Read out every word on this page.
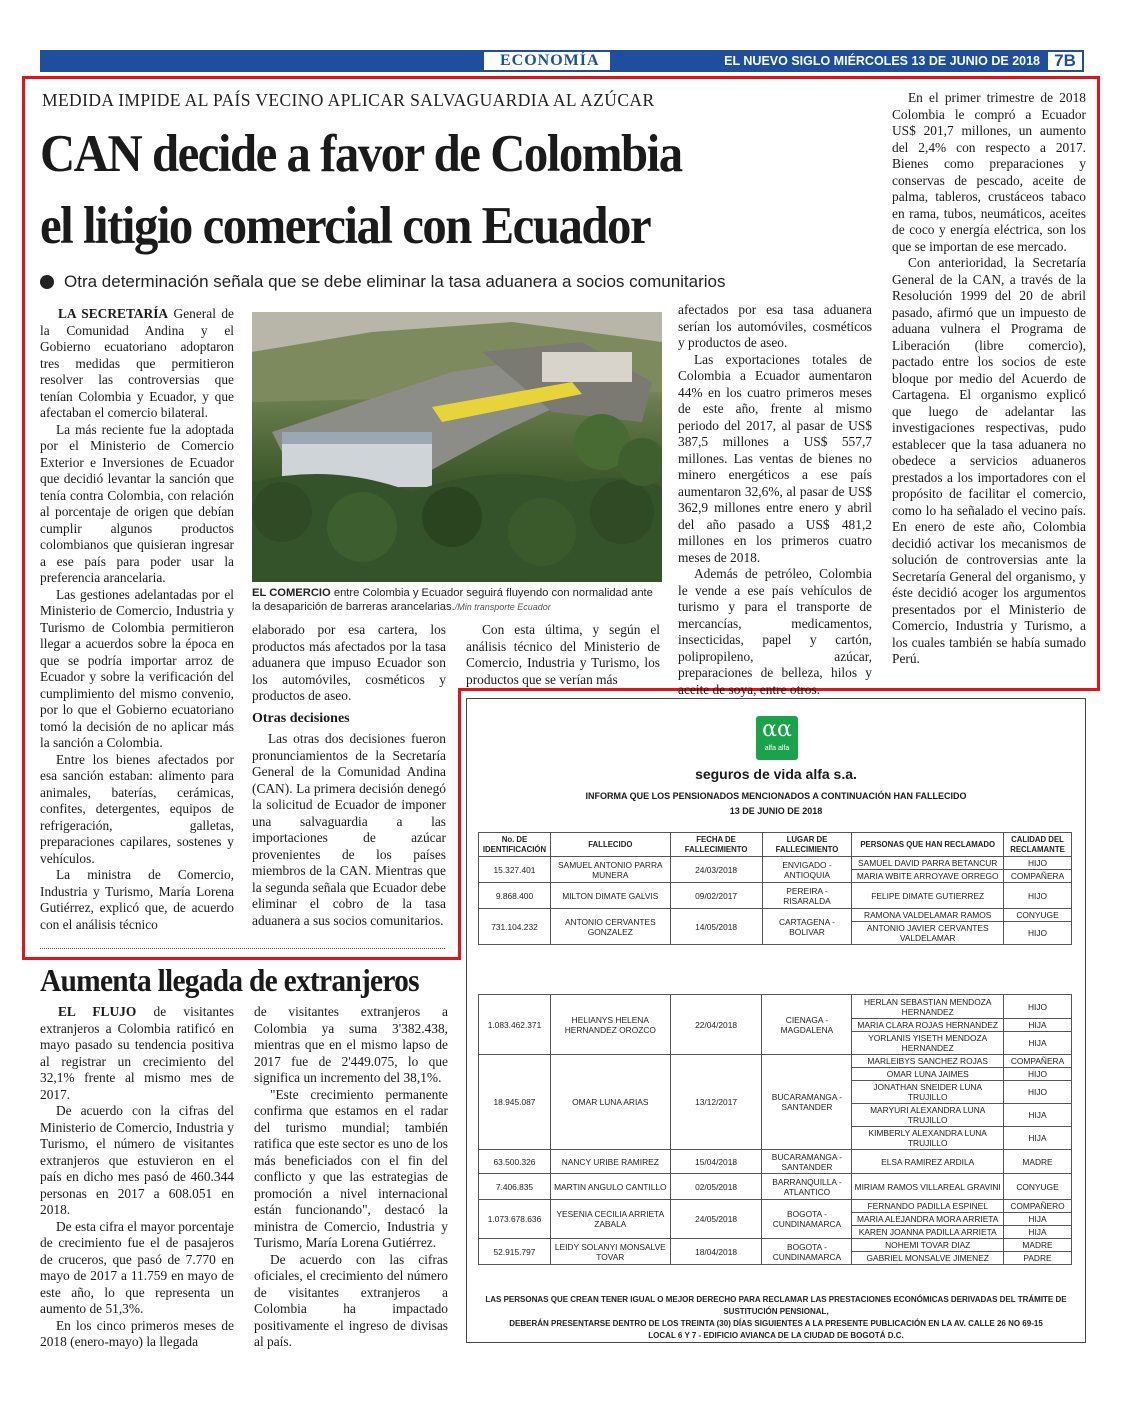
ECONOMÍA	EL NUEVO SIGLO MIÉRCOLES 13 DE JUNIO DE 2018 7B
MEDIDA IMPIDE AL PAÍS VECINO APLICAR SALVAGUARDIA AL AZÚCAR
CAN decide a favor de Colombia
el litigio comercial con Ecuador
Otra determinación señala que se debe eliminar la tasa aduanera a socios comunitarios

LA SECRETARÍA General de la Comunidad Andina y el Gobierno ecuatoriano adoptaron tres medidas que permitieron resolver las controversias que tenían Colombia y Ecuador, y que afectaban el comercio bilateral.

La más reciente fue la adoptada por el Ministerio de Comercio Exterior e Inversiones de Ecuador que decidió levantar la sanción que tenía contra Colombia, con relación al porcentaje de origen que debían cumplir algunos productos colombianos que quisieran ingresar a ese país para poder usar la preferencia arancelaria.

Las gestiones adelantadas por el Ministerio de Comercio, Industria y Turismo de Colombia permitieron llegar a acuerdos sobre la época en que se podría importar arroz de Ecuador y sobre la verificación del cumplimiento del mismo convenio, por lo que el Gobierno ecuatoriano tomó la decisión de no aplicar más la sanción a Colombia.

Entre los bienes afectados por esa sanción estaban: alimento para animales, baterías, cerámicas, confites, detergentes, equipos de refrigeración, galletas, preparaciones capilares, sostenes y vehículos.

La ministra de Comercio, Industria y Turismo, María Lorena Gutiérrez, explicó que, de acuerdo con el análisis técnico

EL COMERCIO entre Colombia y Ecuador seguirá fluyendo con normalidad ante la desaparición de barreras arancelarias./Min transporte Ecuador

elaborado por esa cartera, los productos más afectados por la tasa aduanera que impuso Ecuador son los automóviles, cosméticos y productos de aseo.

Otras decisiones

Las otras dos decisiones fueron pronunciamientos de la Secretaría General de la Comunidad Andina (CAN). La primera decisión denegó la solicitud de Ecuador de imponer una salvaguardia a las importaciones de azúcar provenientes de los países miembros de la CAN. Mientras que la segunda señala que Ecuador debe eliminar el cobro de la tasa aduanera a sus socios comunitarios.

Con esta última, y según el análisis técnico del Ministerio de Comercio, Industria y Turismo, los productos que se verían más

afectados por esa tasa aduanera serían los automóviles, cosméticos y productos de aseo.

Las exportaciones totales de Colombia a Ecuador aumentaron 44% en los cuatro primeros meses de este año, frente al mismo periodo del 2017, al pasar de US$ 387,5 millones a US$ 557,7 millones. Las ventas de bienes no minero energéticos a ese país aumentaron 32,6%, al pasar de US$ 362,9 millones entre enero y abril del año pasado a US$ 481,2 millones en los primeros cuatro meses de 2018.

Además de petróleo, Colombia le vende a ese país vehículos de turismo y para el transporte de mercancías, medicamentos, insecticidas, papel y cartón, polipropileno, azúcar, preparaciones de belleza, hilos y aceite de soya, entre otros.

En el primer trimestre de 2018 Colombia le compró a Ecuador US$ 201,7 millones, un aumento del 2,4% con respecto a 2017. Bienes como preparaciones y conservas de pescado, aceite de palma, tableros, crustáceos tabaco en rama, tubos, neumáticos, aceites de coco y energía eléctrica, son los que se importan de ese mercado.

Con anterioridad, la Secretaría General de la CAN, a través de la Resolución 1999 del 20 de abril pasado, afirmó que un impuesto de aduana vulnera el Programa de Liberación (libre comercio), pactado entre los socios de este bloque por medio del Acuerdo de Cartagena. El organismo explicó que luego de adelantar las investigaciones respectivas, pudo establecer que la tasa aduanera no obedece a servicios aduaneros prestados a los importadores con el propósito de facilitar el comercio, como lo ha señalado el vecino país. En enero de este año, Colombia decidió activar los mecanismos de solución de controversias ante la Secretaría General del organismo, y éste decidió acoger los argumentos presentados por el Ministerio de Comercio, Industria y Turismo, a los cuales también se había sumado Perú.

Aumenta llegada de extranjeros

EL FLUJO de visitantes extranjeros a Colombia ratificó en mayo pasado su tendencia positiva al registrar un crecimiento del 32,1% frente al mismo mes de 2017.

De acuerdo con la cifras del Ministerio de Comercio, Industria y Turismo, el número de visitantes extranjeros que estuvieron en el país en dicho mes pasó de 460.344 personas en 2017 a 608.051 en 2018.

De esta cifra el mayor porcentaje de crecimiento fue el de pasajeros de cruceros, que pasó de 7.770 en mayo de 2017 a 11.759 en mayo de este año, lo que representa un aumento de 51,3%.

En los cinco primeros meses de 2018 (enero-mayo) la llegada

de visitantes extranjeros a Colombia ya suma 3'382.438, mientras que en el mismo lapso de 2017 fue de 2'449.075, lo que significa un incremento del 38,1%.

"Este crecimiento permanente confirma que estamos en el radar del turismo mundial; también ratifica que este sector es uno de los más beneficiados con el fin del conflicto y que las estrategias de promoción a nivel internacional están funcionando", destacó la ministra de Comercio, Industria y Turismo, María Lorena Gutiérrez.

De acuerdo con las cifras oficiales, el crecimiento del número de visitantes extranjeros a Colombia ha impactado positivamente el ingreso de divisas al país.

αα
alfa alfa
seguros de vida alfa s.a.
INFORMA QUE LOS PENSIONADOS MENCIONADOS A CONTINUACIÓN HAN FALLECIDO
13 DE JUNIO DE 2018
No. DE IDENTIFICACIÓN	FALLECIDO	FECHA DE FALLECIMIENTO	LUGAR DE FALLECIMIENTO	PERSONAS QUE HAN RECLAMADO	CALIDAD DEL RECLAMANTE
15.327.401	SAMUEL ANTONIO PARRA MUNERA	24/03/2018	ENVIGADO - ANTIOQUIA	SAMUEL DAVID PARRA BETANCUR	HIJO
				MARIA WBITE ARROYAVE ORREGO	COMPAÑERA
9.868.400	MILTON DIMATE GALVIS	09/02/2017	PEREIRA - RISARALDA	FELIPE DIMATE GUTIERREZ	HIJO
731.104.232	ANTONIO CERVANTES GONZALEZ	14/05/2018	CARTAGENA - BOLIVAR	RAMONA VALDELAMAR RAMOS	CONYUGE
				ANTONIO JAVIER CERVANTES VALDELAMAR	HIJO
1.083.462.371	HELIANYS HELENA HERNANDEZ OROZCO	22/04/2018	CIENAGA - MAGDALENA	HERLAN SEBASTIAN MENDOZA HERNANDEZ	HIJO
				MARIA CLARA ROJAS HERNANDEZ	HIJA
				YORLANIS YISETH MENDOZA HERNANDEZ	HIJA
18.945.087	OMAR LUNA ARIAS	13/12/2017	BUCARAMANGA - SANTANDER	MARLEIBYS SANCHEZ ROJAS	COMPAÑERA
				OMAR LUNA JAIMES	HIJO
				JONATHAN SNEIDER LUNA TRUJILLO	HIJO
				MARYURI ALEXANDRA LUNA TRUJILLO	HIJA
				KIMBERLY ALEXANDRA LUNA TRUJILLO	HIJA
63.500.326	NANCY URIBE RAMIREZ	15/04/2018	BUCARAMANGA - SANTANDER	ELSA RAMIREZ ARDILA	MADRE
7.406.835	MARTIN ANGULO CANTILLO	02/05/2018	BARRANQUILLA - ATLANTICO	MIRIAM RAMOS VILLAREAL GRAVINI	CONYUGE
1.073.678.636	YESENIA CECILIA ARRIETA ZABALA	24/05/2018	BOGOTA - CUNDINAMARCA	FERNANDO PADILLA ESPINEL	COMPAÑERO
				MARIA ALEJANDRA MORA ARRIETA	HIJA
				KAREN JOANNA PADILLA ARRIETA	HIJA
52.915.797	LEIDY SOLANYI MONSALVE TOVAR	18/04/2018	BOGOTA - CUNDINAMARCA	NOHEMI TOVAR DIAZ	MADRE
				GABRIEL MONSALVE JIMENEZ	PADRE
LAS PERSONAS QUE CREAN TENER IGUAL O MEJOR DERECHO PARA RECLAMAR LAS PRESTACIONES ECONÓMICAS DERIVADAS DEL TRÁMITE DE SUSTITUCIÓN PENSIONAL,
DEBERÁN PRESENTARSE DENTRO DE LOS TREINTA (30) DÍAS SIGUIENTES A LA PRESENTE PUBLICACIÓN EN LA AV. CALLE 26 NO 69-15
LOCAL 6 Y 7 - EDIFICIO AVIANCA DE LA CIUDAD DE BOGOTÁ D.C.
